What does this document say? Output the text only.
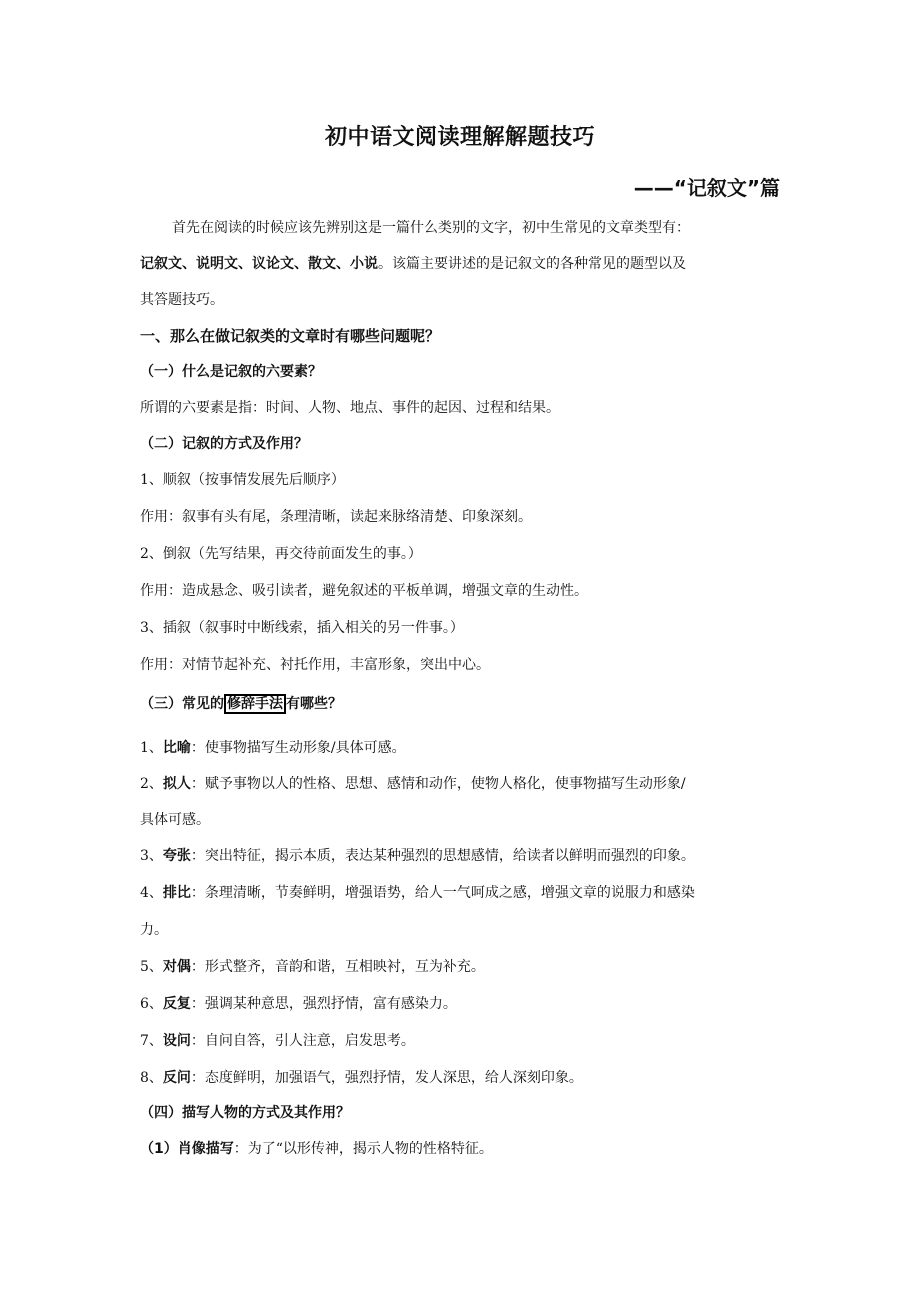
初中语文阅读理解解题技巧
——“记叙文”篇
首先在阅读的时候应该先辨别这是一篇什么类别的文字，初中生常见的文章类型有：
记叙文、说明文、议论文、散文、小说。该篇主要讲述的是记叙文的各种常见的题型以及
其答题技巧。
一、那么在做记叙类的文章时有哪些问题呢？
（一）什么是记叙的六要素？
所谓的六要素是指：时间、人物、地点、事件的起因、过程和结果。
（二）记叙的方式及作用？
1、顺叙（按事情发展先后顺序）
作用：叙事有头有尾，条理清晰，读起来脉络清楚、印象深刻。
2、倒叙（先写结果，再交待前面发生的事。）
作用：造成悬念、吸引读者，避免叙述的平板单调，增强文章的生动性。
3、插叙（叙事时中断线索，插入相关的另一件事。）
作用：对情节起补充、衬托作用，丰富形象，突出中心。
（三）常见的 修辞手法 有哪些？
1、比喻：使事物描写生动形象/具体可感。
2、拟人：赋予事物以人的性格、思想、感情和动作，使物人格化，使事物描写生动形象/
具体可感。
3、夸张：突出特征，揭示本质，表达某种强烈的思想感情，给读者以鲜明而强烈的印象。
4、排比：条理清晰，节奏鲜明，增强语势，给人一气呵成之感，增强文章的说服力和感染
力。
5、对偶：形式整齐，音韵和谐，互相映衬，互为补充。
6、反复：强调某种意思，强烈抒情，富有感染力。
7、设问：自问自答，引人注意，启发思考。
8、反问：态度鲜明，加强语气，强烈抒情，发人深思，给人深刻印象。
（四）描写人物的方式及其作用？
（1）肖像描写：为了“以形传神，揭示人物的性格特征。
